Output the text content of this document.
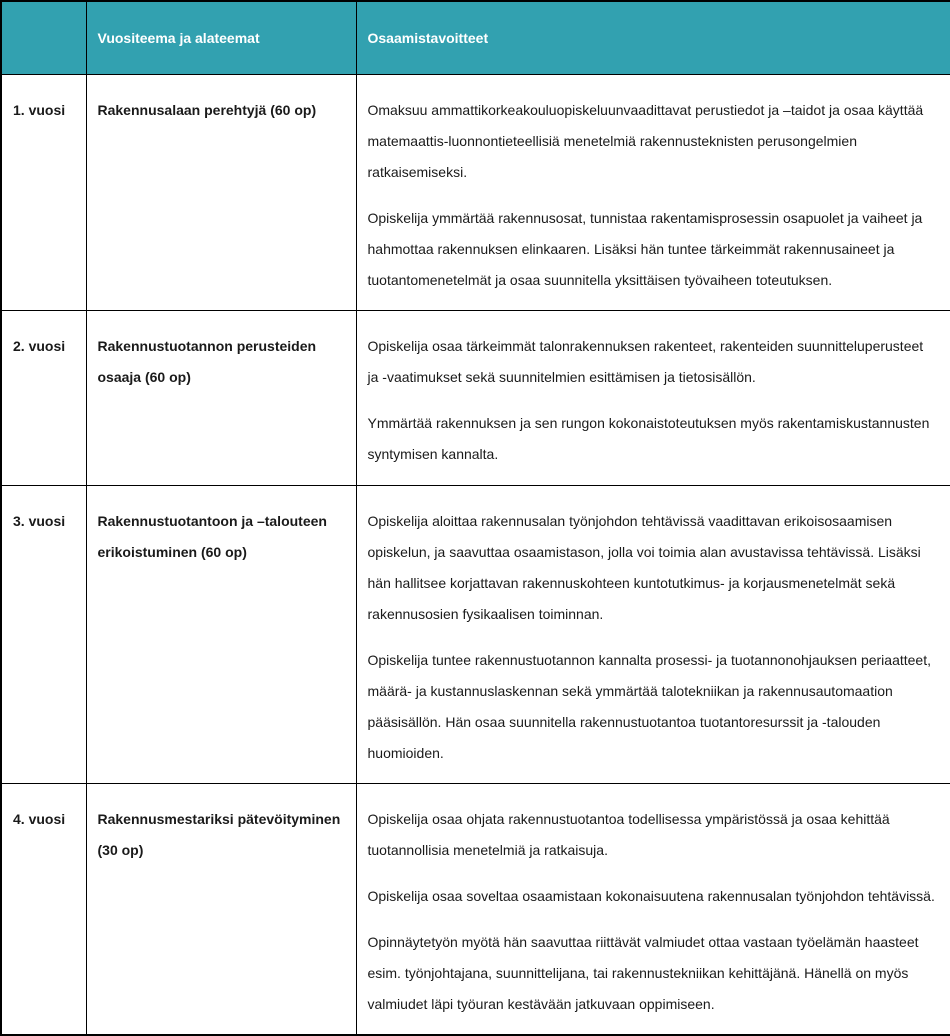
	Vuositeema ja alateemat	Osaamistavoitteet
1. vuosi	Rakennusalaan perehtyjä (60 op)	Omaksuu ammattikorkeakouluopiskeluunvaadittavat perustiedot ja –taidot ja osaa käyttää matemaattis-luonnontieteellisiä menetelmiä rakennusteknisten perusongelmien ratkaisemiseksi.

Opiskelija ymmärtää rakennusosat, tunnistaa rakentamisprosessin osapuolet ja vaiheet ja hahmottaa rakennuksen elinkaaren. Lisäksi hän tuntee tärkeimmät rakennusaineet ja tuotantomenetelmät ja osaa suunnitella yksittäisen työvaiheen toteutuksen.

2. vuosi	Rakennustuotannon perusteiden osaaja (60 op)	Opiskelija osaa tärkeimmät talonrakennuksen rakenteet, rakenteiden suunnitteluperusteet ja -vaatimukset sekä suunnitelmien esittämisen ja tietosisällön.

Ymmärtää rakennuksen ja sen rungon kokonaistoteutuksen myös rakentamiskustannusten syntymisen kannalta.

3. vuosi	Rakennustuotantoon ja –talouteen erikoistuminen (60 op)	Opiskelija aloittaa rakennusalan työnjohdon tehtävissä vaadittavan erikoisosaamisen opiskelun, ja saavuttaa osaamistason, jolla voi toimia alan avustavissa tehtävissä. Lisäksi hän hallitsee korjattavan rakennuskohteen kuntotutkimus- ja korjausmenetelmät sekä rakennusosien fysikaalisen toiminnan.

Opiskelija tuntee rakennustuotannon kannalta prosessi- ja tuotannonohjauksen periaatteet, määrä- ja kustannuslaskennan sekä ymmärtää talotekniikan ja rakennusautomaation pääsisällön. Hän osaa suunnitella rakennustuotantoa tuotantoresurssit ja -talouden huomioiden.

4. vuosi	Rakennusmestariksi pätevöityminen (30 op)	Opiskelija osaa ohjata rakennustuotantoa todellisessa ympäristössä ja osaa kehittää tuotannollisia menetelmiä ja ratkaisuja.

Opiskelija osaa soveltaa osaamistaan kokonaisuutena rakennusalan työnjohdon tehtävissä.

Opinnäytetyön myötä hän saavuttaa riittävät valmiudet ottaa vastaan työelämän haasteet esim. työnjohtajana, suunnittelijana, tai rakennustekniikan kehittäjänä. Hänellä on myös valmiudet läpi työuran kestävään jatkuvaan oppimiseen.
